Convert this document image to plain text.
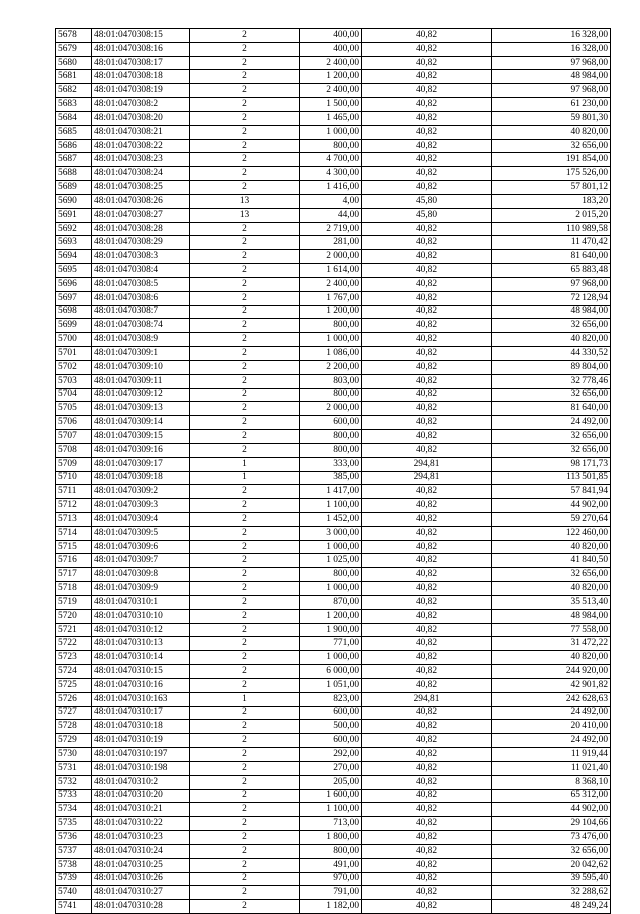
5678	48:01:0470308:15	2	400,00	40,82	16 328,00
5679	48:01:0470308:16	2	400,00	40,82	16 328,00
5680	48:01:0470308:17	2	2 400,00	40,82	97 968,00
5681	48:01:0470308:18	2	1 200,00	40,82	48 984,00
5682	48:01:0470308:19	2	2 400,00	40,82	97 968,00
5683	48:01:0470308:2	2	1 500,00	40,82	61 230,00
5684	48:01:0470308:20	2	1 465,00	40,82	59 801,30
5685	48:01:0470308:21	2	1 000,00	40,82	40 820,00
5686	48:01:0470308:22	2	800,00	40,82	32 656,00
5687	48:01:0470308:23	2	4 700,00	40,82	191 854,00
5688	48:01:0470308:24	2	4 300,00	40,82	175 526,00
5689	48:01:0470308:25	2	1 416,00	40,82	57 801,12
5690	48:01:0470308:26	13	4,00	45,80	183,20
5691	48:01:0470308:27	13	44,00	45,80	2 015,20
5692	48:01:0470308:28	2	2 719,00	40,82	110 989,58
5693	48:01:0470308:29	2	281,00	40,82	11 470,42
5694	48:01:0470308:3	2	2 000,00	40,82	81 640,00
5695	48:01:0470308:4	2	1 614,00	40,82	65 883,48
5696	48:01:0470308:5	2	2 400,00	40,82	97 968,00
5697	48:01:0470308:6	2	1 767,00	40,82	72 128,94
5698	48:01:0470308:7	2	1 200,00	40,82	48 984,00
5699	48:01:0470308:74	2	800,00	40,82	32 656,00
5700	48:01:0470308:9	2	1 000,00	40,82	40 820,00
5701	48:01:0470309:1	2	1 086,00	40,82	44 330,52
5702	48:01:0470309:10	2	2 200,00	40,82	89 804,00
5703	48:01:0470309:11	2	803,00	40,82	32 778,46
5704	48:01:0470309:12	2	800,00	40,82	32 656,00
5705	48:01:0470309:13	2	2 000,00	40,82	81 640,00
5706	48:01:0470309:14	2	600,00	40,82	24 492,00
5707	48:01:0470309:15	2	800,00	40,82	32 656,00
5708	48:01:0470309:16	2	800,00	40,82	32 656,00
5709	48:01:0470309:17	1	333,00	294,81	98 171,73
5710	48:01:0470309:18	1	385,00	294,81	113 501,85
5711	48:01:0470309:2	2	1 417,00	40,82	57 841,94
5712	48:01:0470309:3	2	1 100,00	40,82	44 902,00
5713	48:01:0470309:4	2	1 452,00	40,82	59 270,64
5714	48:01:0470309:5	2	3 000,00	40,82	122 460,00
5715	48:01:0470309:6	2	1 000,00	40,82	40 820,00
5716	48:01:0470309:7	2	1 025,00	40,82	41 840,50
5717	48:01:0470309:8	2	800,00	40,82	32 656,00
5718	48:01:0470309:9	2	1 000,00	40,82	40 820,00
5719	48:01:0470310:1	2	870,00	40,82	35 513,40
5720	48:01:0470310:10	2	1 200,00	40,82	48 984,00
5721	48:01:0470310:12	2	1 900,00	40,82	77 558,00
5722	48:01:0470310:13	2	771,00	40,82	31 472,22
5723	48:01:0470310:14	2	1 000,00	40,82	40 820,00
5724	48:01:0470310:15	2	6 000,00	40,82	244 920,00
5725	48:01:0470310:16	2	1 051,00	40,82	42 901,82
5726	48:01:0470310:163	1	823,00	294,81	242 628,63
5727	48:01:0470310:17	2	600,00	40,82	24 492,00
5728	48:01:0470310:18	2	500,00	40,82	20 410,00
5729	48:01:0470310:19	2	600,00	40,82	24 492,00
5730	48:01:0470310:197	2	292,00	40,82	11 919,44
5731	48:01:0470310:198	2	270,00	40,82	11 021,40
5732	48:01:0470310:2	2	205,00	40,82	8 368,10
5733	48:01:0470310:20	2	1 600,00	40,82	65 312,00
5734	48:01:0470310:21	2	1 100,00	40,82	44 902,00
5735	48:01:0470310:22	2	713,00	40,82	29 104,66
5736	48:01:0470310:23	2	1 800,00	40,82	73 476,00
5737	48:01:0470310:24	2	800,00	40,82	32 656,00
5738	48:01:0470310:25	2	491,00	40,82	20 042,62
5739	48:01:0470310:26	2	970,00	40,82	39 595,40
5740	48:01:0470310:27	2	791,00	40,82	32 288,62
5741	48:01:0470310:28	2	1 182,00	40,82	48 249,24
